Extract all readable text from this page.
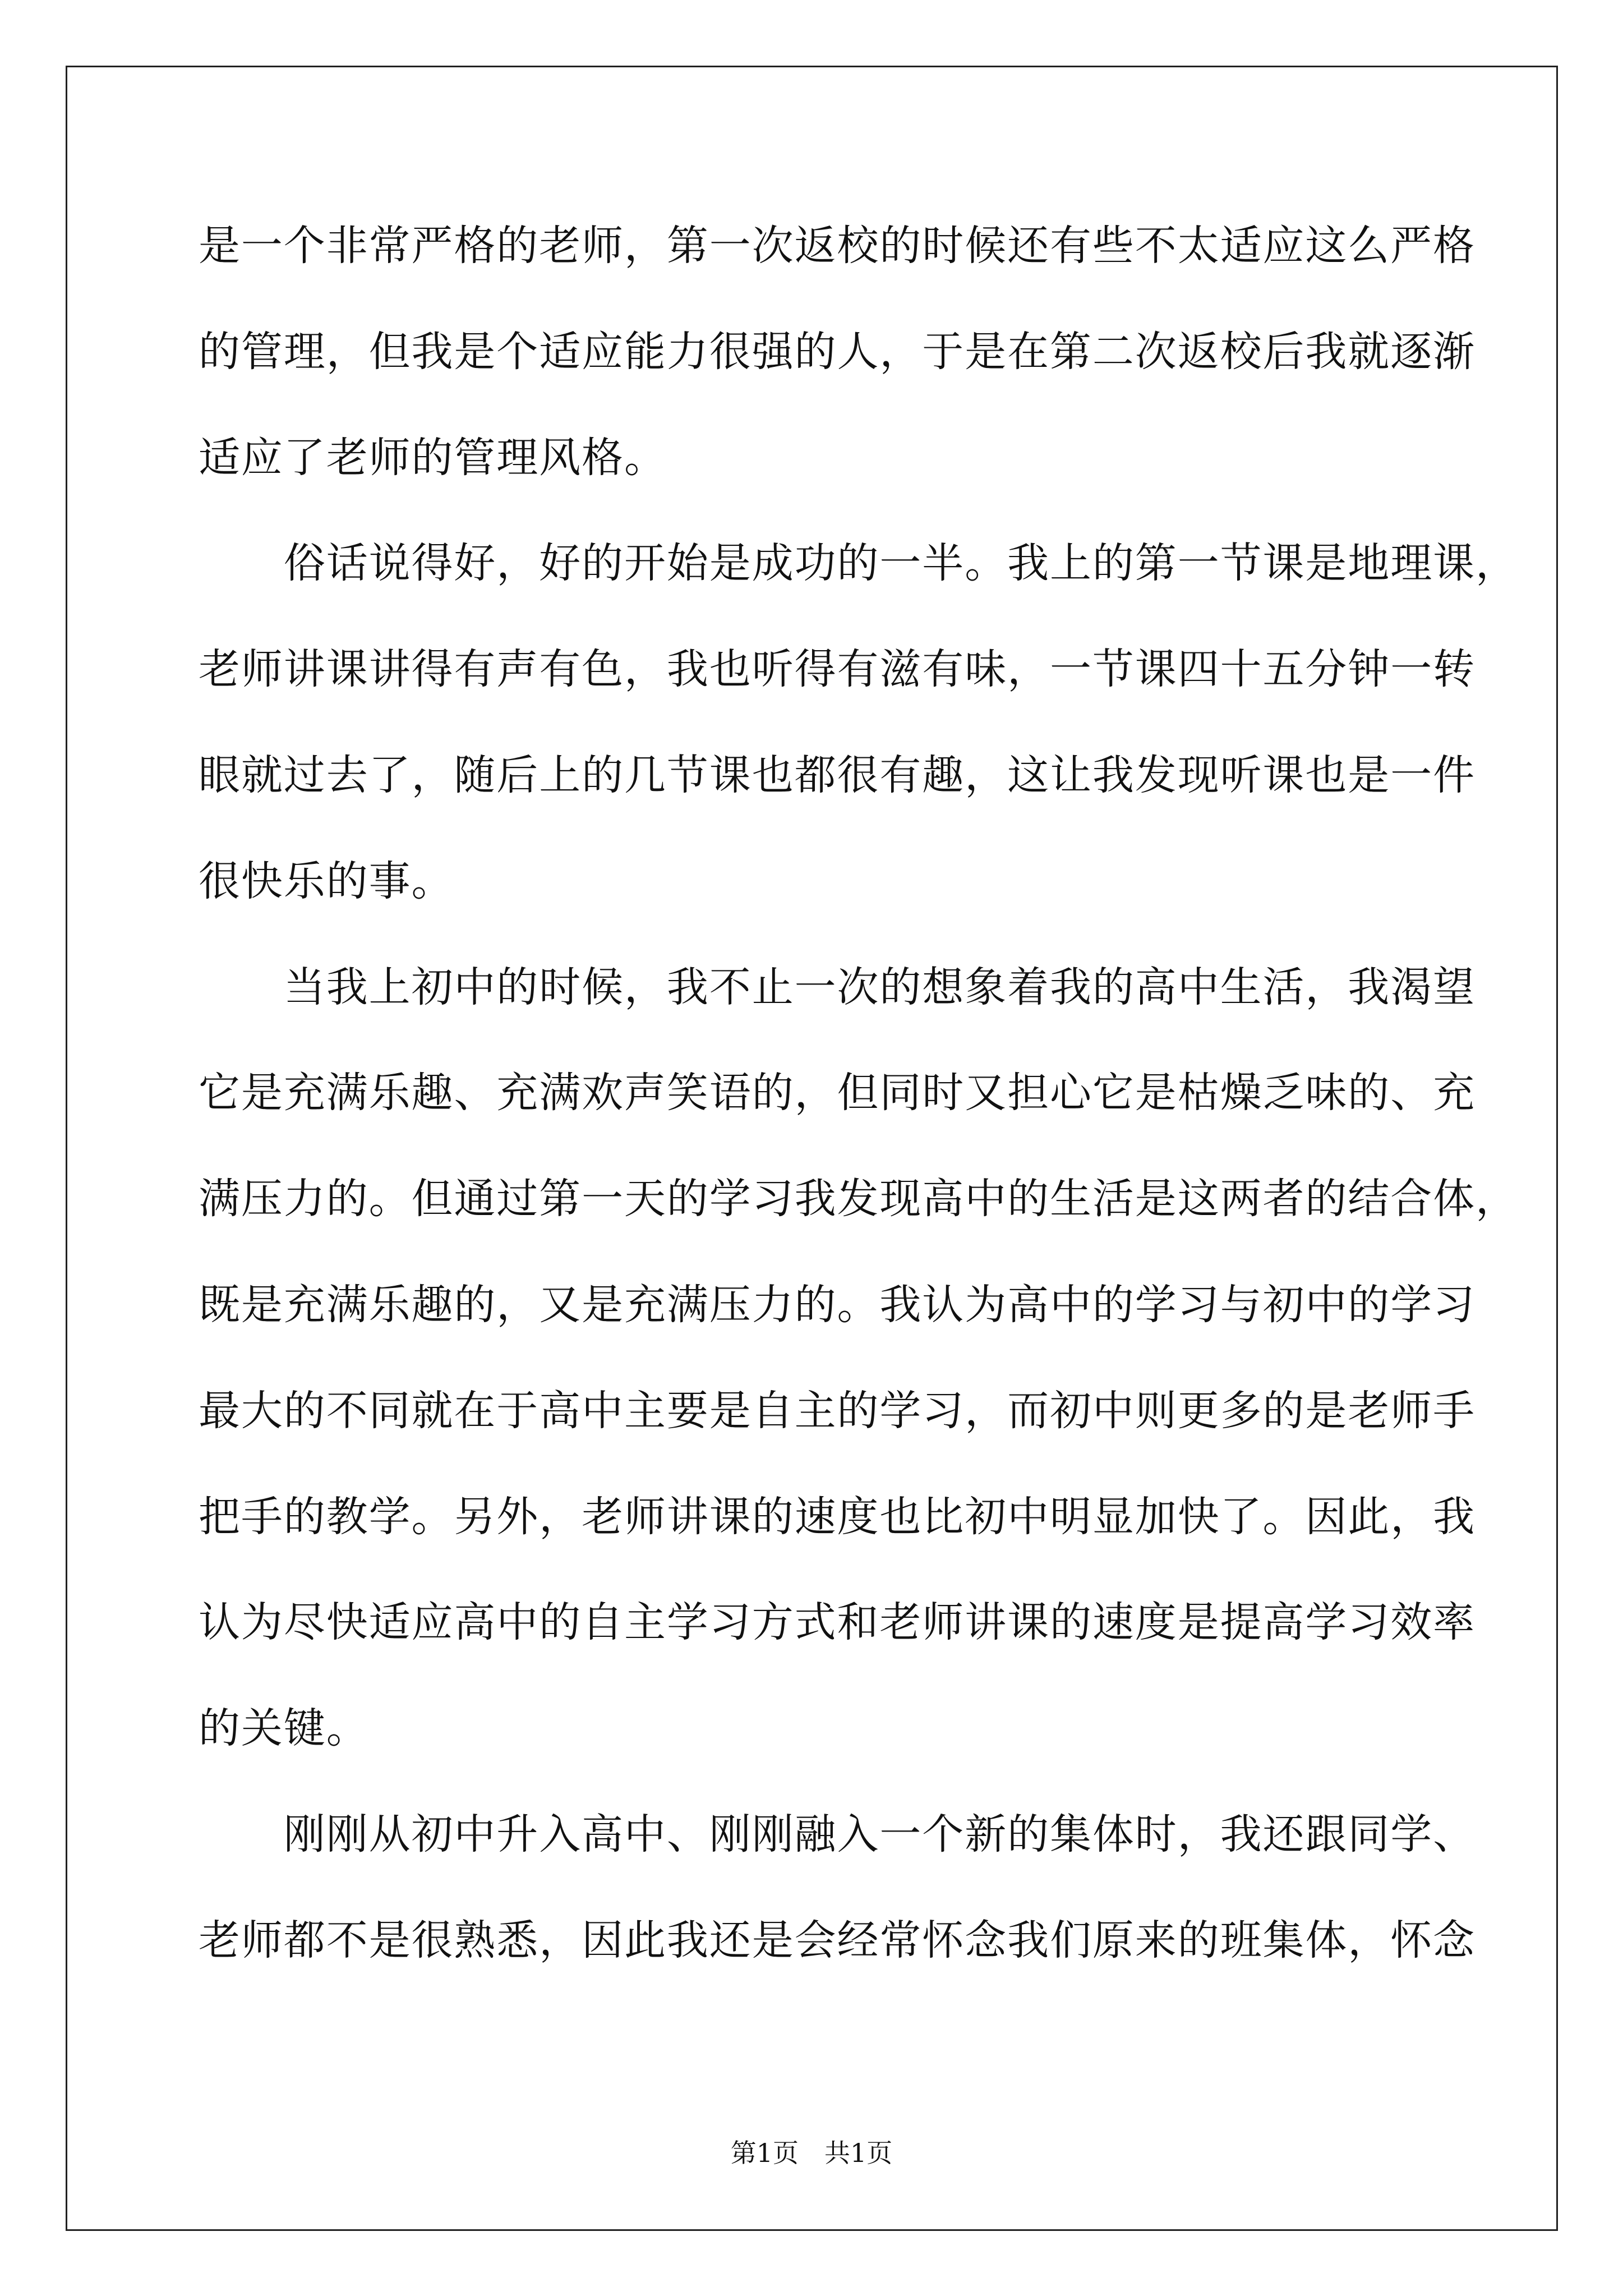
是一个非常严格的老师，第一次返校的时候还有些不太适应这么严格
的管理，但我是个适应能力很强的人，于是在第二次返校后我就逐渐
适应了老师的管理风格。
　　俗话说得好，好的开始是成功的一半。我上的第一节课是地理课，
老师讲课讲得有声有色，我也听得有滋有味，一节课四十五分钟一转
眼就过去了，随后上的几节课也都很有趣，这让我发现听课也是一件
很快乐的事。
　　当我上初中的时候，我不止一次的想象着我的高中生活，我渴望
它是充满乐趣、充满欢声笑语的，但同时又担心它是枯燥乏味的、充
满压力的。但通过第一天的学习我发现高中的生活是这两者的结合体，
既是充满乐趣的，又是充满压力的。我认为高中的学习与初中的学习
最大的不同就在于高中主要是自主的学习，而初中则更多的是老师手
把手的教学。另外，老师讲课的速度也比初中明显加快了。因此，我
认为尽快适应高中的自主学习方式和老师讲课的速度是提高学习效率
的关键。
　　刚刚从初中升入高中、刚刚融入一个新的集体时，我还跟同学、
老师都不是很熟悉，因此我还是会经常怀念我们原来的班集体，怀念
第1页　共1页
